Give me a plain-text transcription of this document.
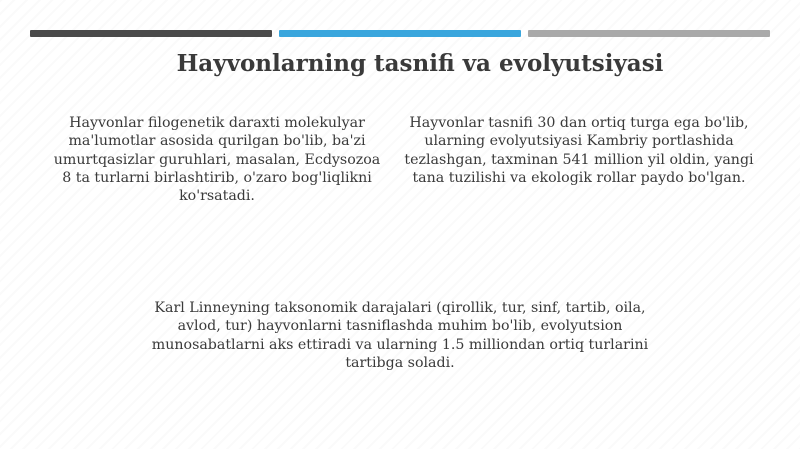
Hayvonlarning tasnifi va evolyutsiyasi
Hayvonlar filogenetik daraxti molekulyar ma'lumotlar asosida qurilgan bo'lib, ba'zi umurtqasizlar guruhlari, masalan, Ecdysozoa 8 ta turlarni birlashtirib, o'zaro bog'liqlikni ko'rsatadi.
Hayvonlar tasnifi 30 dan ortiq turga ega bo'lib, ularning evolyutsiyasi Kambriy portlashida tezlashgan, taxminan 541 million yil oldin, yangi tana tuzilishi va ekologik rollar paydo bo'lgan.
Karl Linneyning taksonomik darajalari (qirollik, tur, sinf, tartib, oila, avlod, tur) hayvonlarni tasniflashda muhim bo'lib, evolyutsion munosabatlarni aks ettiradi va ularning 1.5 milliondan ortiq turlarini tartibga soladi.
